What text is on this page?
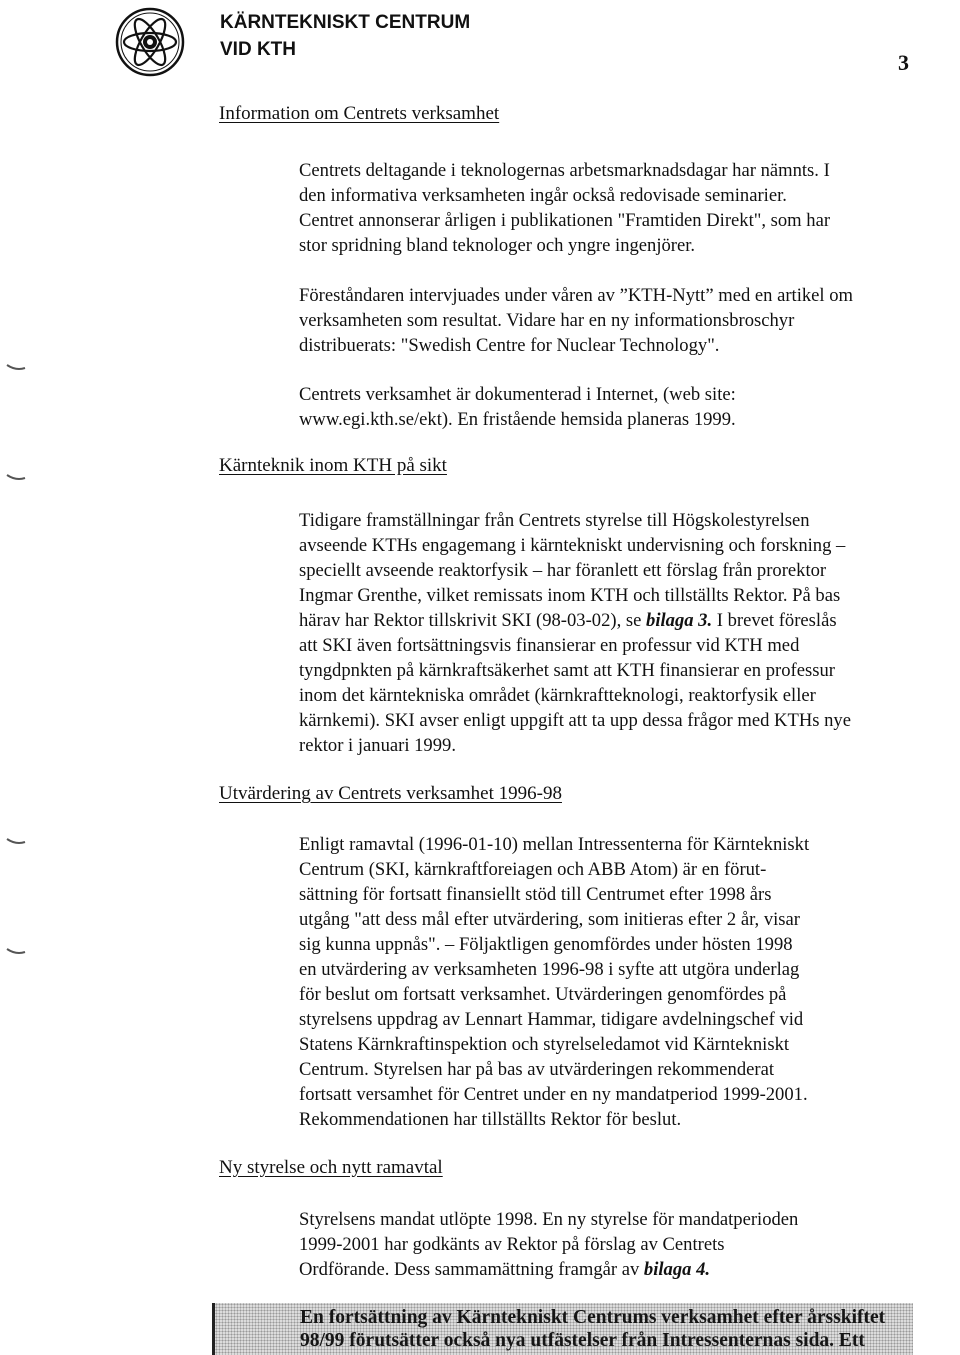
KÄRNTEKNISKT CENTRUM
VID KTH
3
Information om Centrets verksamhet
Centrets deltagande i teknologernas arbetsmarknadsdagar har nämnts. I
den informativa verksamheten ingår också redovisade seminarier.
Centret annonserar årligen i publikationen "Framtiden Direkt", som har
stor spridning bland teknologer och yngre ingenjörer.
Föreståndaren intervjuades under våren av ”KTH-Nytt” med en artikel om
verksamheten som resultat. Vidare har en ny informationsbroschyr
distribuerats: "Swedish Centre for Nuclear Technology".
Centrets verksamhet är dokumenterad i Internet, (web site:
www.egi.kth.se/ekt). En fristående hemsida planeras 1999.
Kärnteknik inom KTH på sikt
Tidigare framställningar från Centrets styrelse till Högskolestyrelsen
avseende KTHs engagemang i kärntekniskt undervisning och forskning –
speciellt avseende reaktorfysik – har föranlett ett förslag från prorektor
Ingmar Grenthe, vilket remissats inom KTH och tillställts Rektor. På bas
härav har Rektor tillskrivit SKI (98-03-02), se bilaga 3. I brevet föreslås
att SKI även fortsättningsvis finansierar en professur vid KTH med
tyngdpnkten på kärnkraftsäkerhet samt att KTH finansierar en professur
inom det kärntekniska området (kärnkraftteknologi, reaktorfysik eller
kärnkemi). SKI avser enligt uppgift att ta upp dessa frågor med KTHs nye
rektor i januari 1999.
Utvärdering av Centrets verksamhet 1996-98
Enligt ramavtal (1996-01-10) mellan Intressenterna för Kärntekniskt
Centrum (SKI, kärnkraftforeiagen och ABB Atom) är en förut-
sättning för fortsatt finansiellt stöd till Centrumet efter 1998 års
utgång "att dess mål efter utvärdering, som initieras efter 2 år, visar
sig kunna uppnås". – Följaktligen genomfördes under hösten 1998
en utvärdering av verksamheten 1996-98 i syfte att utgöra underlag
för beslut om fortsatt verksamhet. Utvärderingen genomfördes på
styrelsens uppdrag av Lennart Hammar, tidigare avdelningschef vid
Statens Kärnkraftinspektion och styrelseledamot vid Kärntekniskt
Centrum. Styrelsen har på bas av utvärderingen rekommenderat
fortsatt versamhet för Centret under en ny mandatperiod 1999-2001.
Rekommendationen har tillställts Rektor för beslut.
Ny styrelse och nytt ramavtal
Styrelsens mandat utlöpte 1998. En ny styrelse för mandatperioden
1999-2001 har godkänts av Rektor på förslag av Centrets
Ordförande. Dess sammamättning framgår av bilaga 4.
En fortsättning av Kärntekniskt Centrums verksamhet efter årsskiftet
98/99 förutsätter också nya utfästelser från Intressenternas sida. Ett
